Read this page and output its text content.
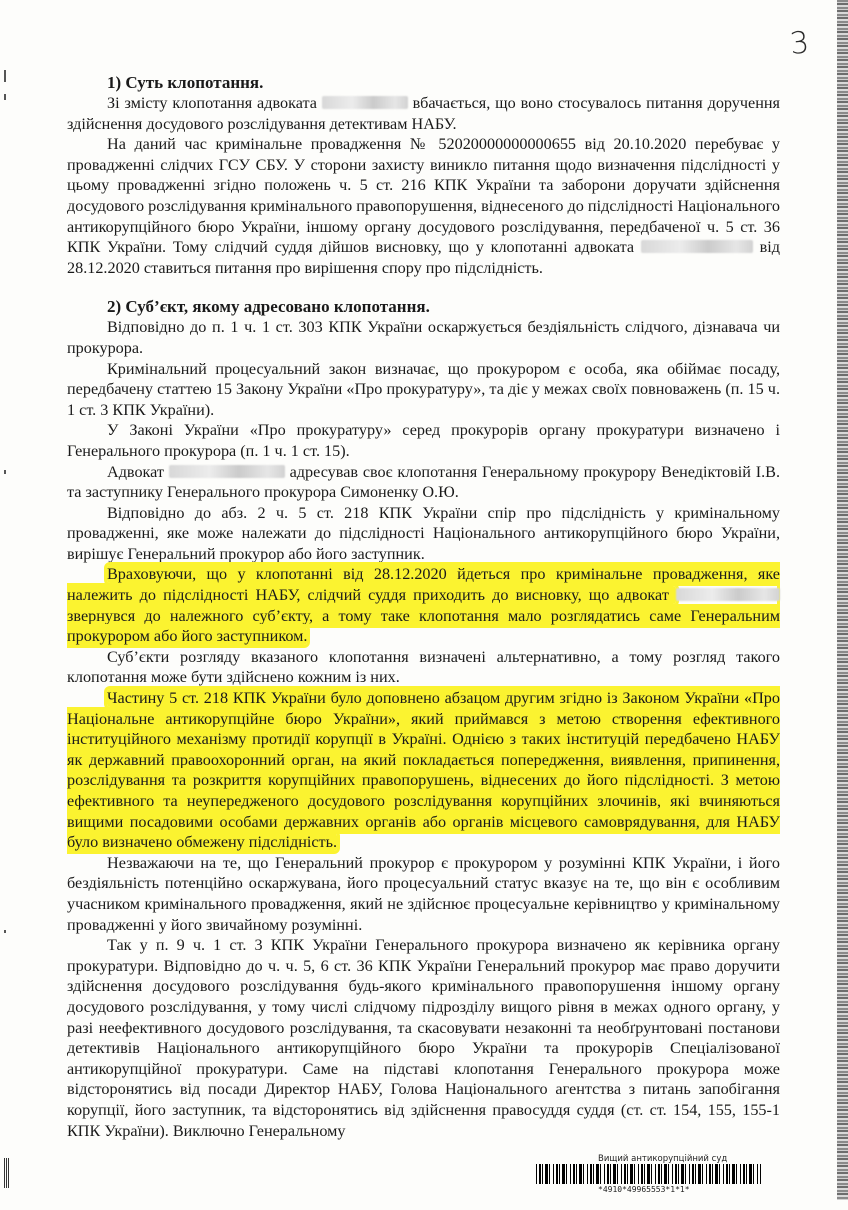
3

1) Суть клопотання.

Зі змісту клопотання адвоката	вбачається, що воно стосувалось питання доручення здійснення досудового розслідування детективам НАБУ.

На даний час кримінальне провадження № 52020000000000655 від 20.10.2020 перебуває у провадженні слідчих ГСУ СБУ. У сторони захисту виникло питання щодо визначення підслідності у цьому провадженні згідно положень ч. 5 ст. 216 КПК України та заборони доручати здійснення досудового розслідування кримінального правопорушення, віднесеного до підслідності Національного антикорупційного бюро України, іншому органу досудового розслідування, передбаченої ч. 5 ст. 36 КПК України. Тому слідчий суддя дійшов висновку, що у клопотанні адвоката	від 28.12.2020 ставиться питання про вирішення спору про підслідність.

2) Суб’єкт, якому адресовано клопотання.

Відповідно до п. 1 ч. 1 ст. 303 КПК України оскаржується бездіяльність слідчого, дізнавача чи прокурора.

Кримінальний процесуальний закон визначає, що прокурором є особа, яка обіймає посаду, передбачену статтею 15 Закону України «Про прокуратуру», та діє у межах своїх повноважень (п. 15 ч. 1 ст. 3 КПК України).

У Законі України «Про прокуратуру» серед прокурорів органу прокуратури визначено і Генерального прокурора (п. 1 ч. 1 ст. 15).

Адвокат	адресував своє клопотання Генеральному прокурору Венедіктовій І.В. та заступнику Генерального прокурора Симоненку О.Ю.

Відповідно до абз. 2 ч. 5 ст. 218 КПК України спір про підслідність у кримінальному провадженні, яке може належати до підслідності Національного антикорупційного бюро України, вирішує Генеральний прокурор або його заступник.

Враховуючи, що у клопотанні від 28.12.2020 йдеться про кримінальне провадження, яке належить до підслідності НАБУ, слідчий суддя приходить до висновку, що адвокат  звернувся до належного суб’єкту, а тому таке клопотання мало розглядатись саме Генеральним прокурором або його заступником.

Суб’єкти розгляду вказаного клопотання визначені альтернативно, а тому розгляд такого клопотання може бути здійснено кожним із них.

Частину 5 ст. 218 КПК України було доповнено абзацом другим згідно із Законом України «Про Національне антикорупційне бюро України», який приймався з метою створення ефективного інституційного механізму протидії корупції в Україні. Однією з таких інституцій передбачено НАБУ як державний правоохоронний орган, на який покладається попередження, виявлення, припинення, розслідування та розкриття корупційних правопорушень, віднесених до його підслідності. З метою ефективного та неупередженого досудового розслідування корупційних злочинів, які вчиняються вищими посадовими особами державних органів або органів місцевого самоврядування, для НАБУ було визначено обмежену підслідність.

Незважаючи на те, що Генеральний прокурор є прокурором у розумінні КПК України, і його бездіяльність потенційно оскаржувана, його процесуальний статус вказує на те, що він є особливим учасником кримінального провадження, який не здійснює процесуальне керівництво у кримінальному провадженні у його звичайному розумінні.

Так у п. 9 ч. 1 ст. 3 КПК України Генерального прокурора визначено як керівника органу прокуратури. Відповідно до ч. ч. 5, 6 ст. 36 КПК України Генеральний прокурор має право доручити здійснення досудового розслідування будь-якого кримінального правопорушення іншому органу досудового розслідування, у тому числі слідчому підрозділу вищого рівня в межах одного органу, у разі неефективного досудового розслідування, та скасовувати незаконні та необґрунтовані постанови детективів Національного антикорупційного бюро України та прокурорів Спеціалізованої антикорупційної прокуратури. Саме на підставі клопотання Генерального прокурора може відсторонятись від посади Директор НАБУ, Голова Національного агентства з питань запобігання корупції, його заступник, та відсторонятись від здійснення правосуддя суддя (ст. ст. 154, 155, 155-1 КПК України). Виключно Генеральному

Вищий антикорупційний суд
*4910*49965553*1*1*
